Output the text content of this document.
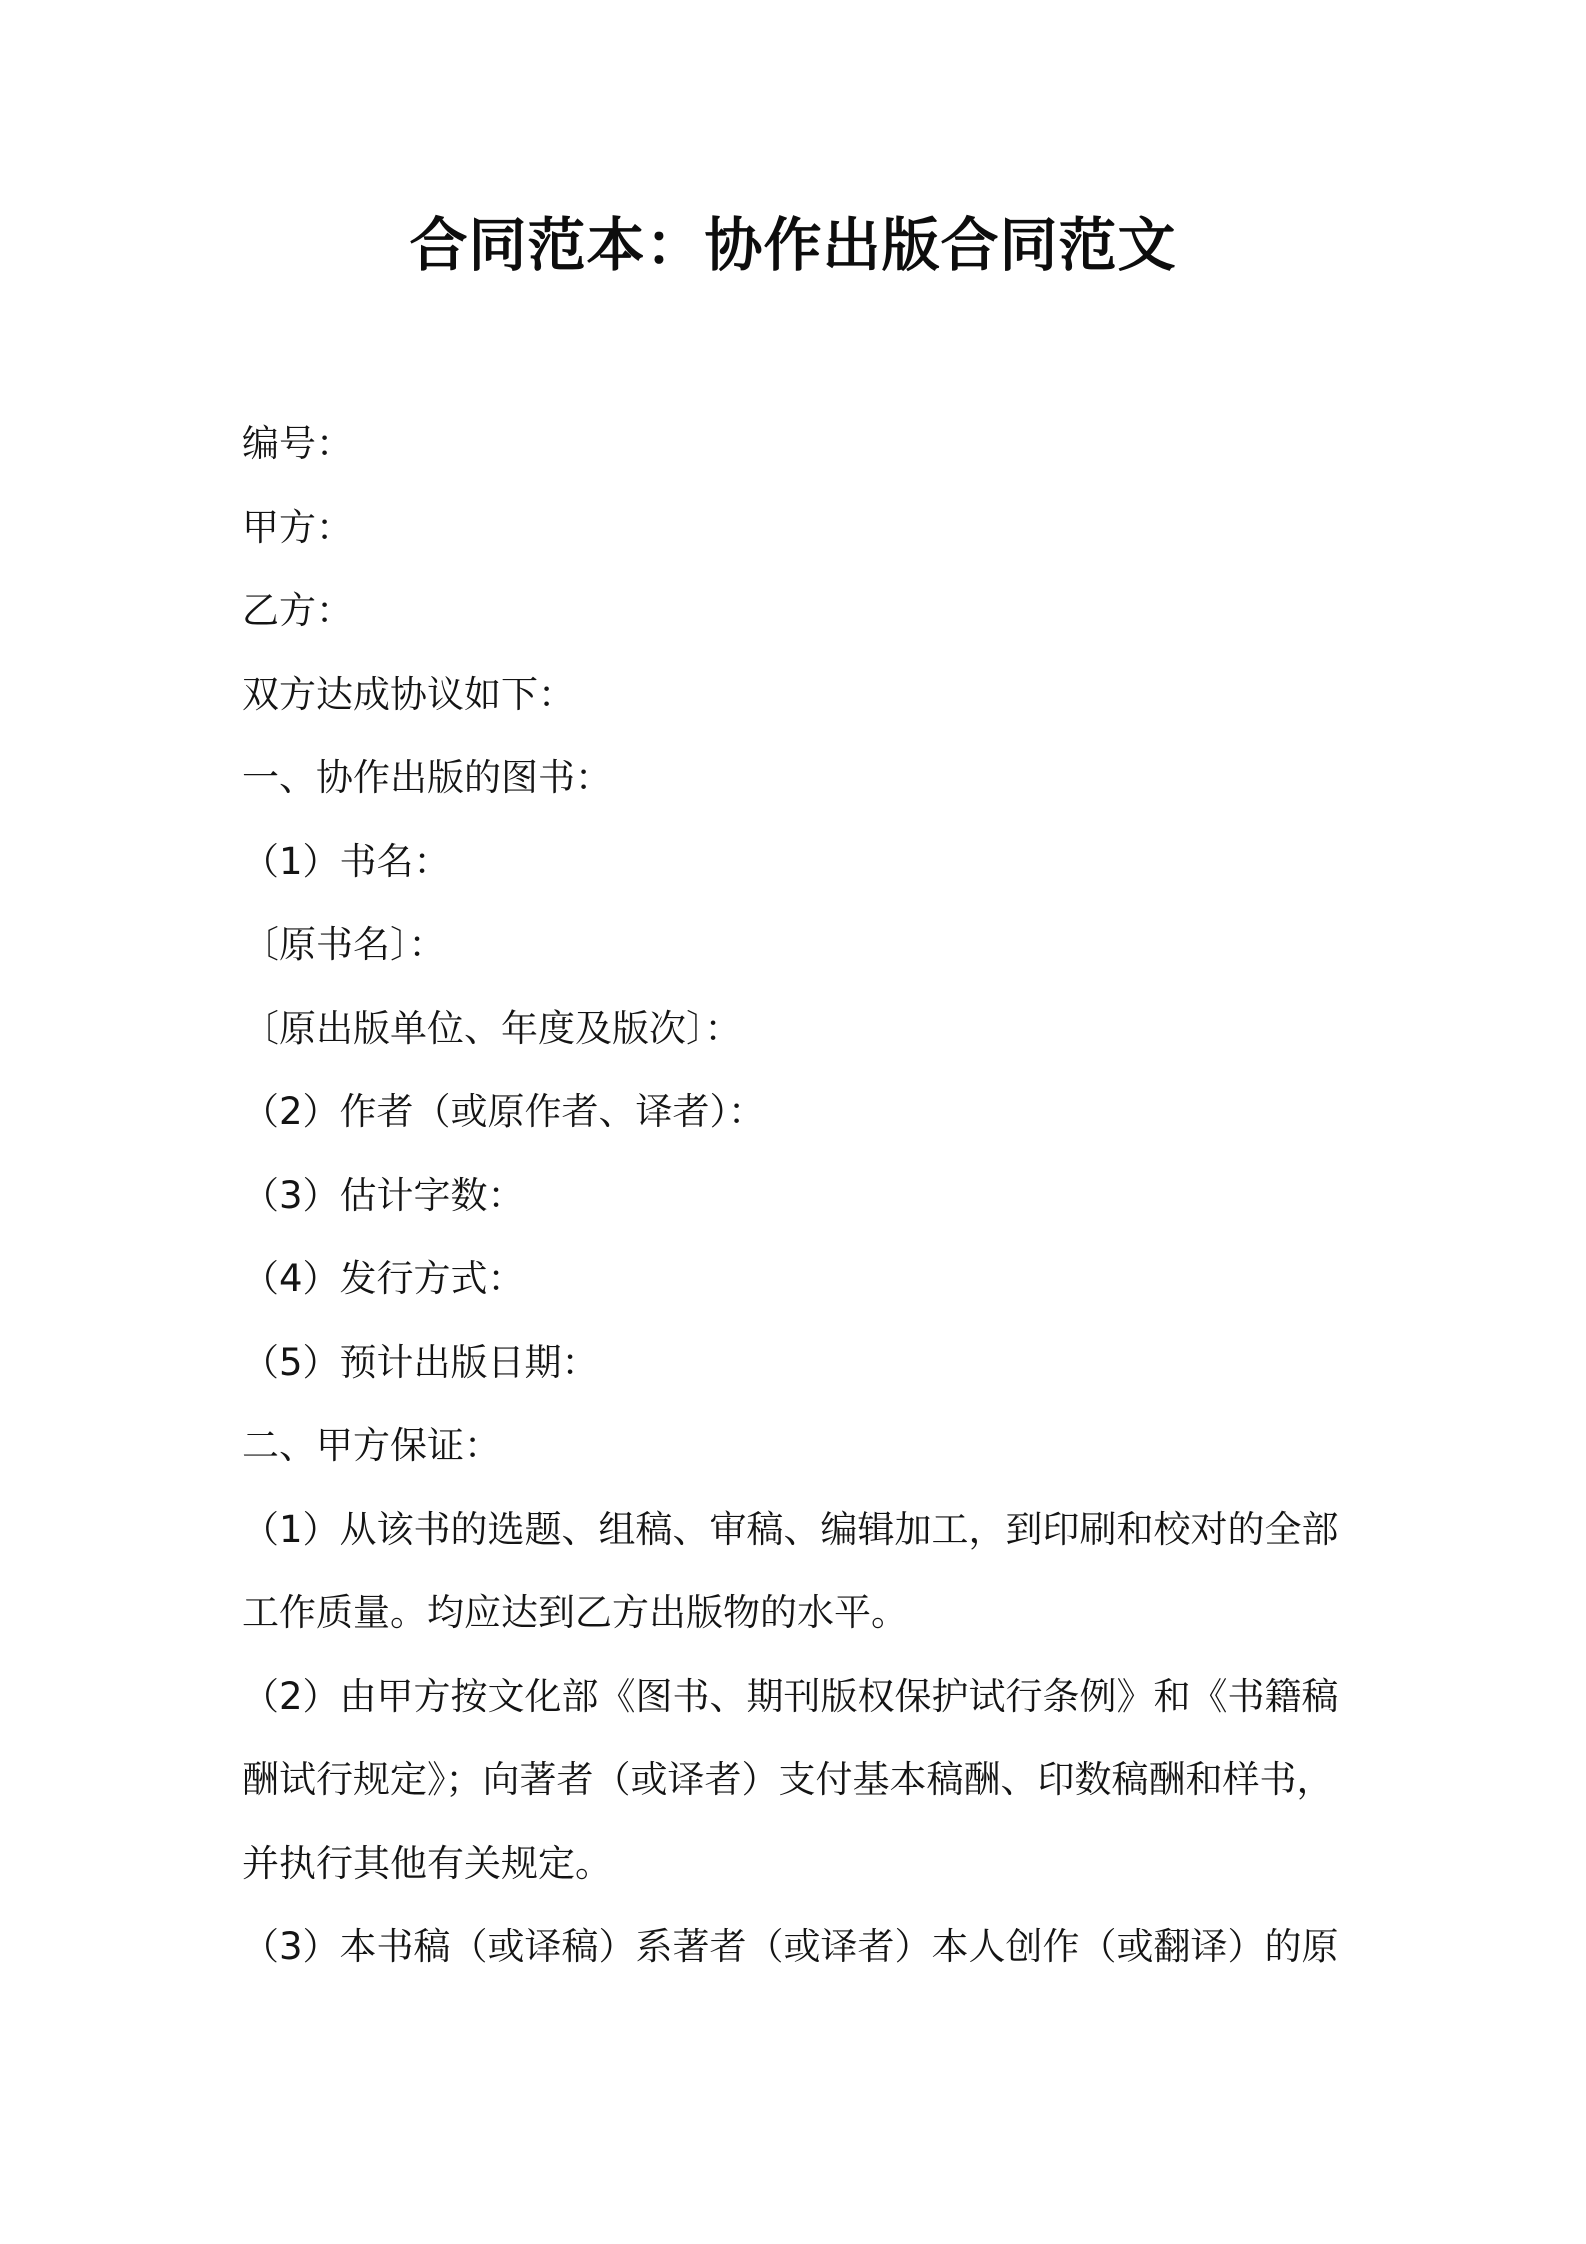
合同范本：协作出版合同范文
编号：
甲方：
乙方：
双方达成协议如下：
一、协作出版的图书：
（1）书名：
〔原书名〕：
〔原出版单位、年度及版次〕：
（2）作者（或原作者、译者）：
（3）估计字数：
（4）发行方式：
（5）预计出版日期：
二、甲方保证：
（1）从该书的选题、组稿、审稿、编辑加工，到印刷和校对的全部
工作质量。均应达到乙方出版物的水平。
（2）由甲方按文化部《图书、期刊版权保护试行条例》和《书籍稿
酬试行规定》；向著者（或译者）支付基本稿酬、印数稿酬和样书，
并执行其他有关规定。
（3）本书稿（或译稿）系著者（或译者）本人创作（或翻译）的原
